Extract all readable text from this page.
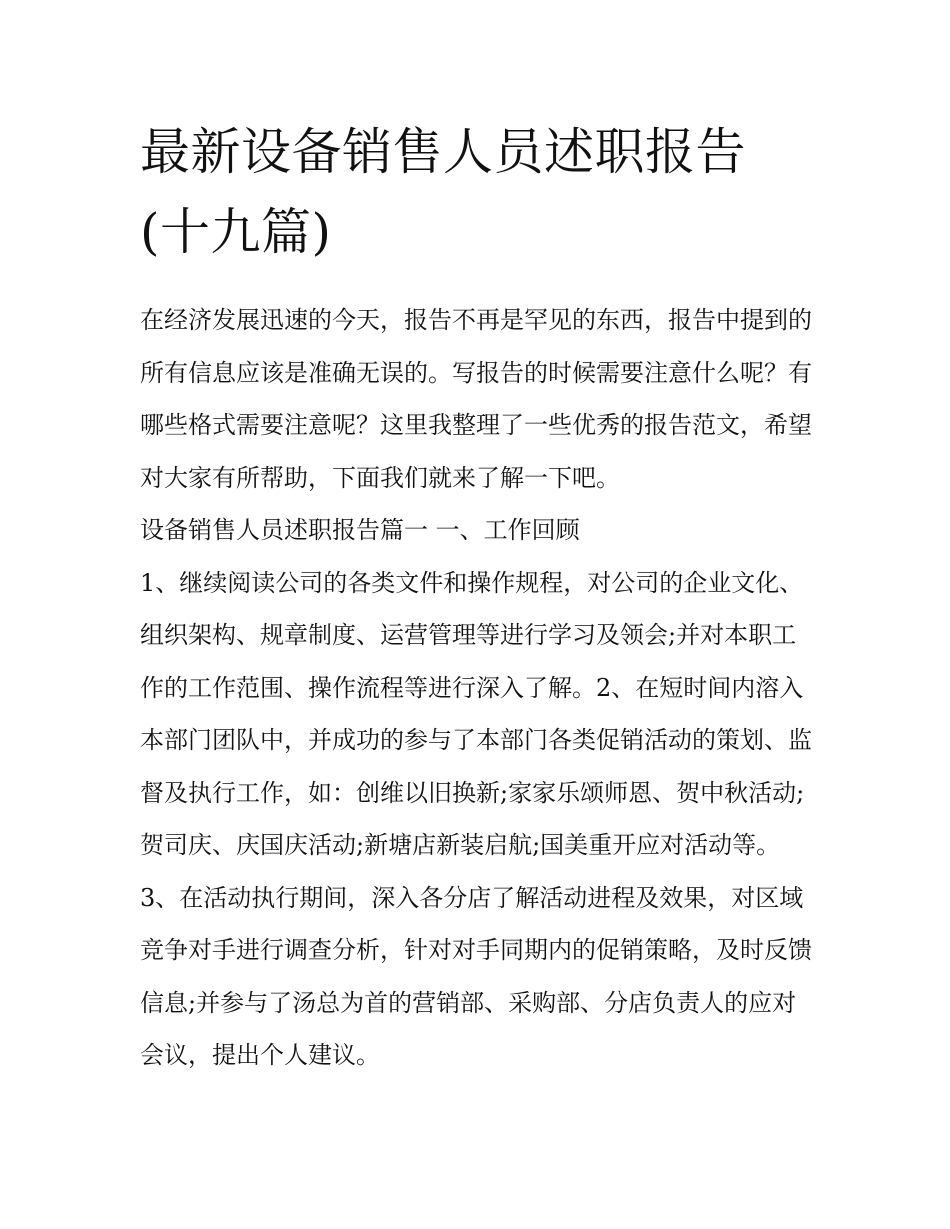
最新设备销售人员述职报告(十九篇)

在经济发展迅速的今天，报告不再是罕见的东西，报告中提到的所有信息应该是准确无误的。写报告的时候需要注意什么呢？有哪些格式需要注意呢？这里我整理了一些优秀的报告范文，希望对大家有所帮助，下面我们就来了解一下吧。

设备销售人员述职报告篇一 一、工作回顾

1、继续阅读公司的各类文件和操作规程，对公司的企业文化、组织架构、规章制度、运营管理等进行学习及领会;并对本职工作的工作范围、操作流程等进行深入了解。2、在短时间内溶入本部门团队中，并成功的参与了本部门各类促销活动的策划、监督及执行工作，如：创维以旧换新;家家乐颂师恩、贺中秋活动;贺司庆、庆国庆活动;新塘店新装启航;国美重开应对活动等。

3、在活动执行期间，深入各分店了解活动进程及效果，对区域竞争对手进行调查分析，针对对手同期内的促销策略，及时反馈信息;并参与了汤总为首的营销部、采购部、分店负责人的应对会议，提出个人建议。
